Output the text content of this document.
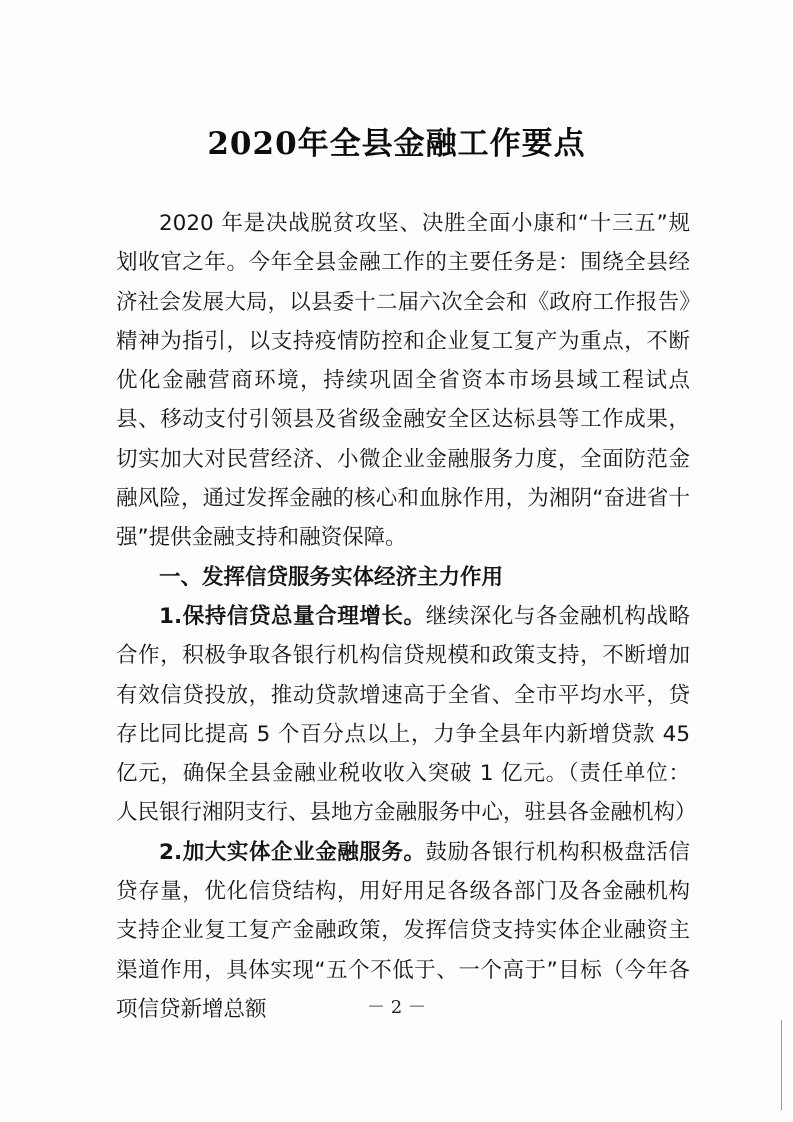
2020年全县金融工作要点

2020 年是决战脱贫攻坚、决胜全面小康和“十三五”规划收官之年。今年全县金融工作的主要任务是：围绕全县经济社会发展大局，以县委十二届六次全会和《政府工作报告》精神为指引，以支持疫情防控和企业复工复产为重点，不断优化金融营商环境，持续巩固全省资本市场县域工程试点县、移动支付引领县及省级金融安全区达标县等工作成果，切实加大对民营经济、小微企业金融服务力度，全面防范金融风险，通过发挥金融的核心和血脉作用，为湘阴“奋进省十强”提供金融支持和融资保障。

一、发挥信贷服务实体经济主力作用

1.保持信贷总量合理增长。继续深化与各金融机构战略合作，积极争取各银行机构信贷规模和政策支持，不断增加有效信贷投放，推动贷款增速高于全省、全市平均水平，贷存比同比提高 5 个百分点以上，力争全县年内新增贷款 45 亿元，确保全县金融业税收收入突破 1 亿元。（责任单位：人民银行湘阴支行、县地方金融服务中心，驻县各金融机构）

2.加大实体企业金融服务。鼓励各银行机构积极盘活信贷存量，优化信贷结构，用好用足各级各部门及各金融机构支持企业复工复产金融政策，发挥信贷支持实体企业融资主渠道作用，具体实现“五个不低于、一个高于”目标（今年各项信贷新增总额	－ 2 －
